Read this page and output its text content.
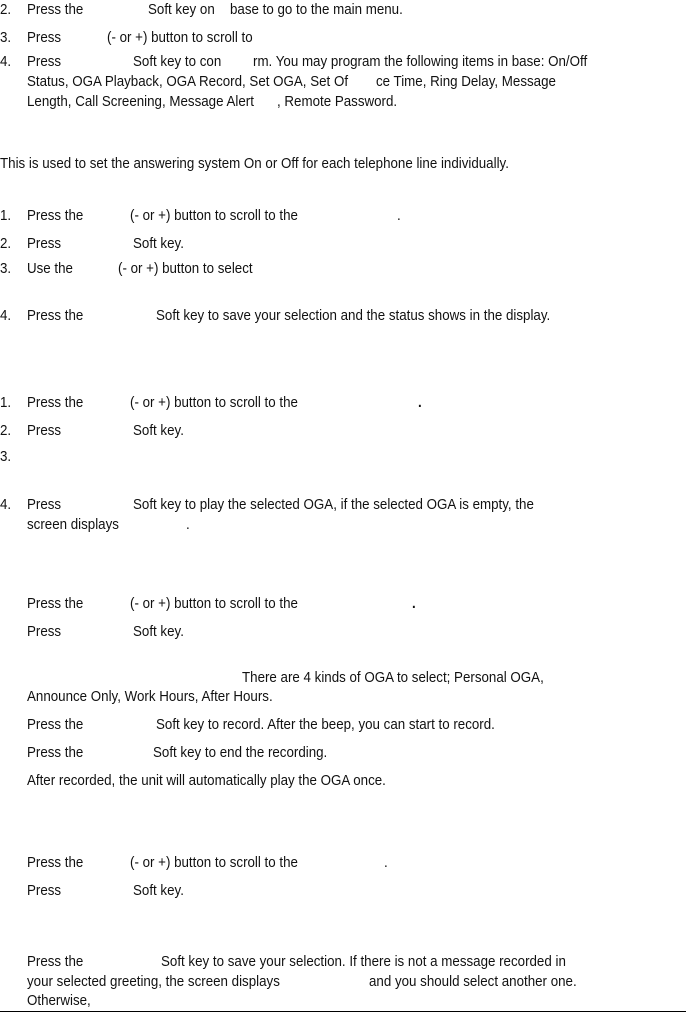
2. Press the	Soft key on base to go to the main menu.
3. Press	(- or +) button to scroll to
4. Press	Soft key to con rm. You may program the following items in base: On/Off
Status, OGA Playback, OGA Record, Set OGA, Set Of ce Time, Ring Delay, Message
Length, Call Screening, Message Alert , Remote Password.
This is used to set the answering system On or Off for each telephone line individually.
1. Press the	(- or +) button to scroll to the	.
2. Press	Soft key.
3. Use the	(- or +) button to select
4. Press the	Soft key to save your selection and the status shows in the display.
1. Press the	(- or +) button to scroll to the	.
2. Press	Soft key.
3.
4. Press	Soft key to play the selected OGA, if the selected OGA is empty, the
screen displays	.
Press the	(- or +) button to scroll to the	.
Press	Soft key.
There are 4 kinds of OGA to select; Personal OGA,
Announce Only, Work Hours, After Hours.
Press the	Soft key to record. After the beep, you can start to record.
Press the	Soft key to end the recording.
After recorded, the unit will automatically play the OGA once.
Press the	(- or +) button to scroll to the	.
Press	Soft key.
Press the	Soft key to save your selection. If there is not a message recorded in
your selected greeting, the screen displays	and you should select another one.
Otherwise,
